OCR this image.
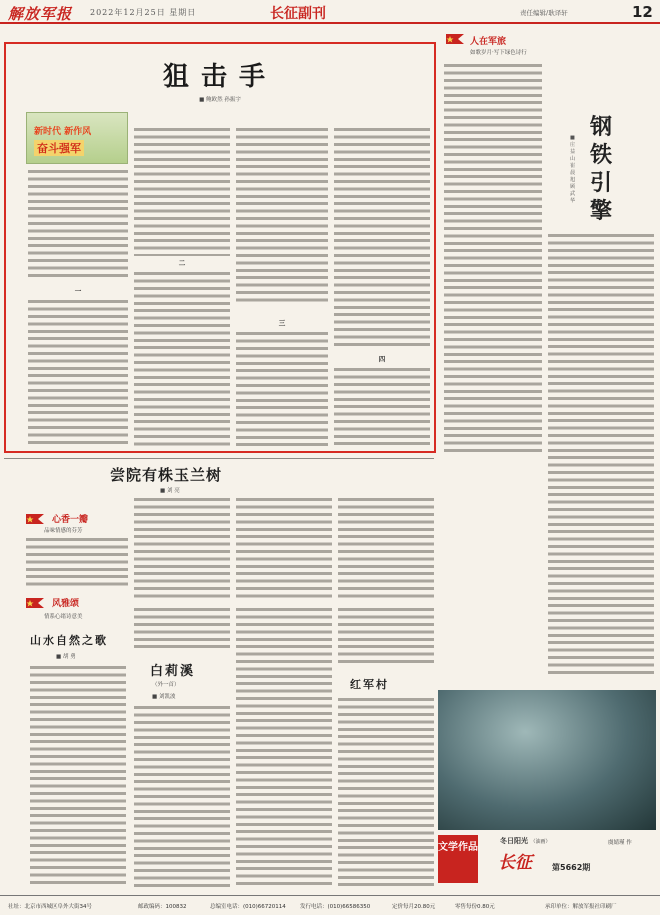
解放军报 2022年12月25日 星期日	长征副刊	责任编辑/耿译轩	12
狙击手
■ 鲍欧然 孙振宇
新时代 新作风
奋斗强军
一
二
三
四
人在军旅
如歌岁月·写下绿色诗行
钢铁引擎
■ 庄益山 崔晨旭 顾武华
尝院有株玉兰树
■ 刘 亮
心香一瓣
品味情感的芬芳
风雅颂
情系心绪诗意美
山水自然之歌
■ 胡 勇
白莉溪
（外一首）
■ 刘凯波
红军村
冬日阳光 （油画）	虞婧瑾 作
文学作品
长征	第5662期
社址：北京市西城区阜外大街34号	邮政编码：100832	总编室电话：(010)66720114	发行电话：(010)66586350	定价每月20.80元	零售每份0.80元	承印单位：解放军报社印刷厂
